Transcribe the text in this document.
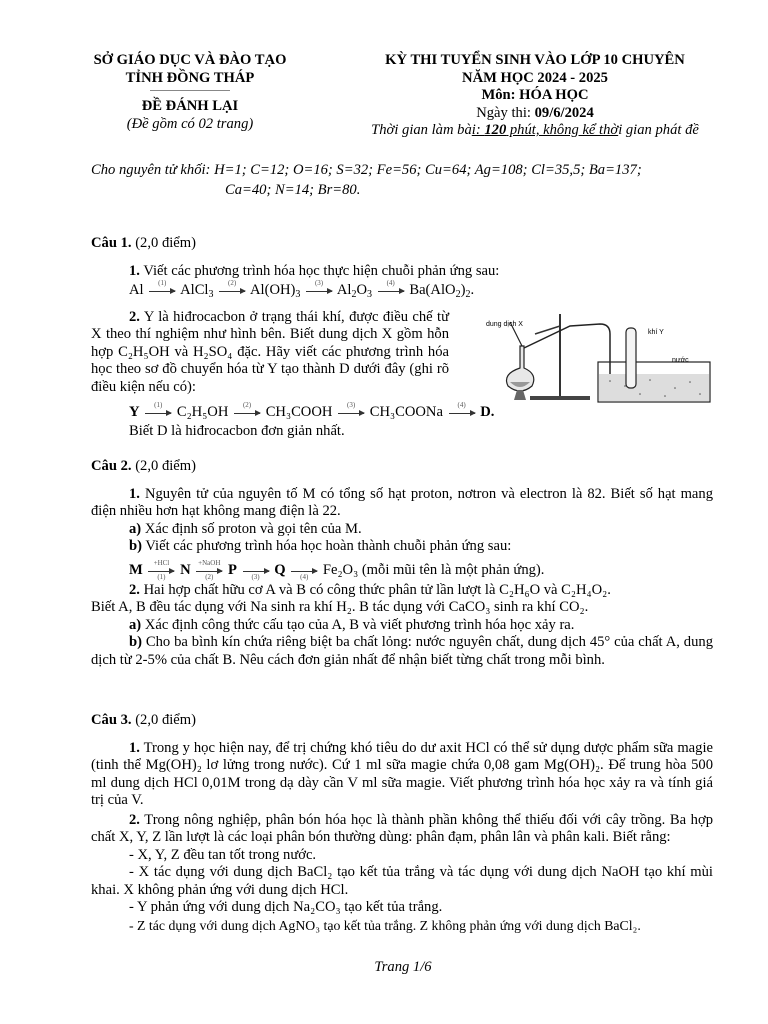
SỞ GIÁO DỤC VÀ ĐÀO TẠO
TỈNH ĐỒNG THÁP
ĐỀ ĐÁNH LẠI
(Đề gồm có 02 trang)
KỲ THI TUYỂN SINH VÀO LỚP 10 CHUYÊN
NĂM HỌC 2024 - 2025
Môn: HÓA HỌC
Ngày thi: 09/6/2024
Thời gian làm bài: 120 phút, không kể thời gian phát đề
Cho nguyên tử khối: H=1; C=12; O=16; S=32; Fe=56; Cu=64; Ag=108; Cl=35,5; Ba=137;
Ca=40; N=14; Br=80.
Câu 1. (2,0 điểm)
1. Viết các phương trình hóa học thực hiện chuỗi phản ứng sau:
Al (1) AlCl$_3$
(2) $Al(OH)_3$
(3) $Al_2O_3$
(4) $Ba(AlO_2)_2$.
2. Y là hiđrocacbon ở trạng thái khí, được điều chế từ X theo thí nghiệm như hình bên. Biết dung dịch X gồm hỗn hợp C₂H₅OH và H₂SO₄ đặc. Hãy viết các phương trình hóa học theo sơ đồ chuyển hóa từ Y tạo thành D dưới đây (ghi rõ điều kiện nếu có):
Y (1) C₂H₅OH (2) CH₃COOH (3) CH₃COONa (4) D.
Biết D là hiđrocacbon đơn giản nhất.
dung dịch X
khí Y
nước
Câu 2. (2,0 điểm)

1. Nguyên tử của nguyên tố M có tổng số hạt proton, nơtron và electron là 82. Biết số hạt mang điện nhiều hơn hạt không mang điện là 22.

a) Xác định số proton và gọi tên của M.

b) Viết các phương trình hóa học hoàn thành chuỗi phản ứng sau:

M +HCl
(1) N +NaOH
(2) P (3) Q (4) Fe₂O₃ (mỗi mũi tên là một phản ứng).

2. Hai hợp chất hữu cơ A và B có công thức phân tử lần lượt là C₂H₆O và C₂H₄O₂.

Biết A, B đều tác dụng với Na sinh ra khí H₂. B tác dụng với CaCO₃ sinh ra khí CO₂.

a) Xác định công thức cấu tạo của A, B và viết phương trình hóa học xảy ra.

b) Cho ba bình kín chứa riêng biệt ba chất lỏng: nước nguyên chất, dung dịch 45° của chất A, dung dịch từ 2-5% của chất B. Nêu cách đơn giản nhất để nhận biết từng chất trong mỗi bình.

Câu 3. (2,0 điểm)

1. Trong y học hiện nay, để trị chứng khó tiêu do dư axit HCl có thể sử dụng dược phẩm sữa magie (tinh thể Mg(OH)₂ lơ lửng trong nước). Cứ 1 ml sữa magie chứa 0,08 gam Mg(OH)₂. Để trung hòa 500 ml dung dịch HCl 0,01M trong dạ dày cần V ml sữa magie. Viết phương trình hóa học xảy ra và tính giá trị của V.

2. Trong nông nghiệp, phân bón hóa học là thành phần không thể thiếu đối với cây trồng. Ba hợp chất X, Y, Z lần lượt là các loại phân bón thường dùng: phân đạm, phân lân và phân kali. Biết rằng:

- X, Y, Z đều tan tốt trong nước.

- X tác dụng với dung dịch BaCl₂ tạo kết tủa trắng và tác dụng với dung dịch NaOH tạo khí mùi khai. X không phản ứng với dung dịch HCl.

- Y phản ứng với dung dịch Na₂CO₃ tạo kết tủa trắng.

- Z tác dụng với dung dịch AgNO₃ tạo kết tủa trắng. Z không phản ứng với dung dịch BaCl₂.

Trang 1/6
